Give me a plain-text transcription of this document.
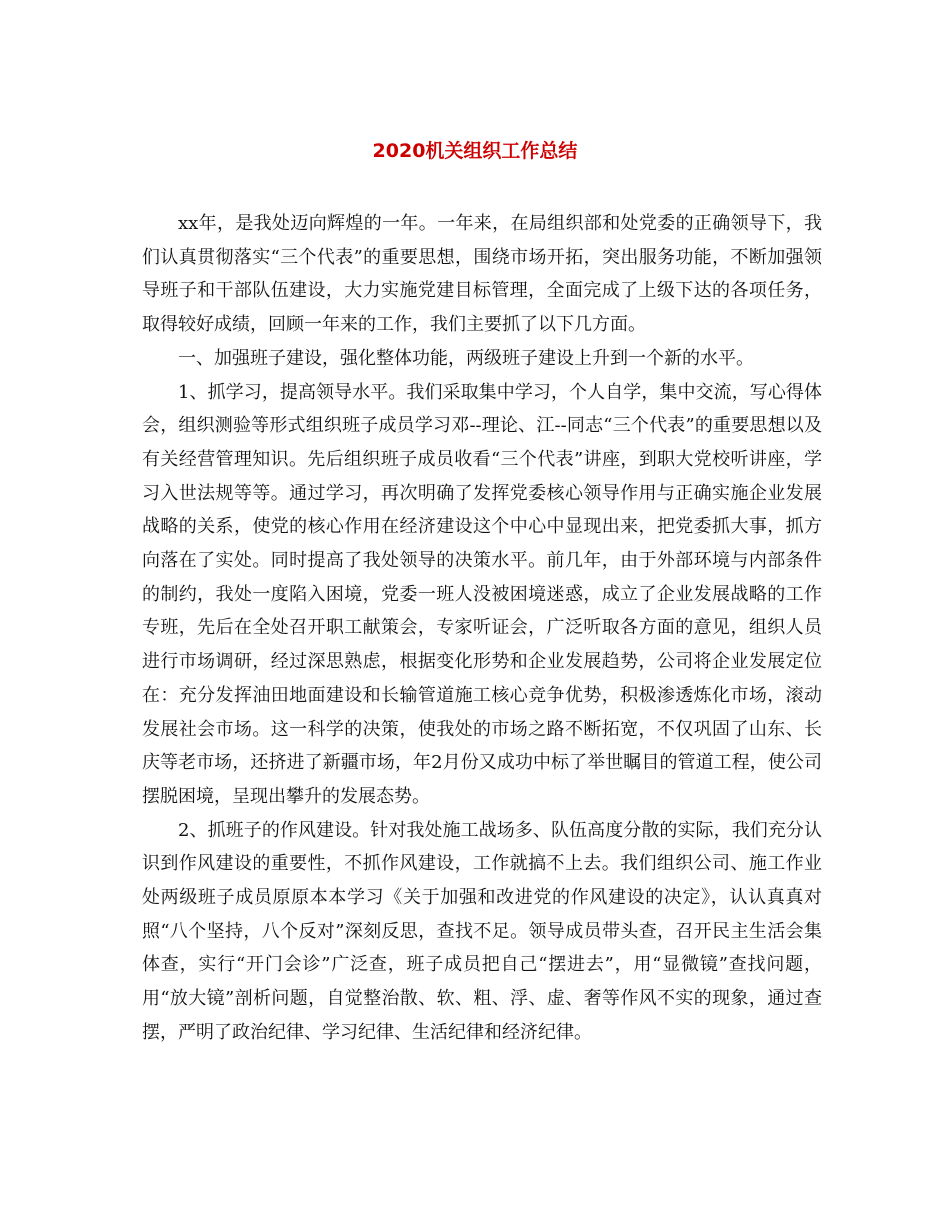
2020机关组织工作总结

xx年，是我处迈向辉煌的一年。一年来，在局组织部和处党委的正确领导下，我们认真贯彻落实“三个代表”的重要思想，围绕市场开拓，突出服务功能，不断加强领导班子和干部队伍建设，大力实施党建目标管理，全面完成了上级下达的各项任务，取得较好成绩，回顾一年来的工作，我们主要抓了以下几方面。

一、加强班子建设，强化整体功能，两级班子建设上升到一个新的水平。

1、抓学习，提高领导水平。我们采取集中学习，个人自学，集中交流，写心得体会，组织测验等形式组织班子成员学习邓--理论、江--同志“三个代表”的重要思想以及有关经营管理知识。先后组织班子成员收看“三个代表”讲座，到职大党校听讲座，学习入世法规等等。通过学习，再次明确了发挥党委核心领导作用与正确实施企业发展战略的关系，使党的核心作用在经济建设这个中心中显现出来，把党委抓大事，抓方向落在了实处。同时提高了我处领导的决策水平。前几年，由于外部环境与内部条件的制约，我处一度陷入困境，党委一班人没被困境迷惑，成立了企业发展战略的工作专班，先后在全处召开职工献策会，专家听证会，广泛听取各方面的意见，组织人员进行市场调研，经过深思熟虑，根据变化形势和企业发展趋势，公司将企业发展定位在：充分发挥油田地面建设和长输管道施工核心竞争优势，积极渗透炼化市场，滚动发展社会市场。这一科学的决策，使我处的市场之路不断拓宽，不仅巩固了山东、长庆等老市场，还挤进了新疆市场，年2月份又成功中标了举世瞩目的管道工程，使公司摆脱困境，呈现出攀升的发展态势。

2、抓班子的作风建设。针对我处施工战场多、队伍高度分散的实际，我们充分认识到作风建设的重要性，不抓作风建设，工作就搞不上去。我们组织公司、施工作业处两级班子成员原原本本学习《关于加强和改进党的作风建设的决定》，认认真真对照“八个坚持，八个反对”深刻反思，查找不足。领导成员带头查，召开民主生活会集体查，实行“开门会诊”广泛查，班子成员把自己“摆进去”，用“显微镜”查找问题，用“放大镜”剖析问题，自觉整治散、软、粗、浮、虚、奢等作风不实的现象，通过查摆，严明了政治纪律、学习纪律、生活纪律和经济纪律。
